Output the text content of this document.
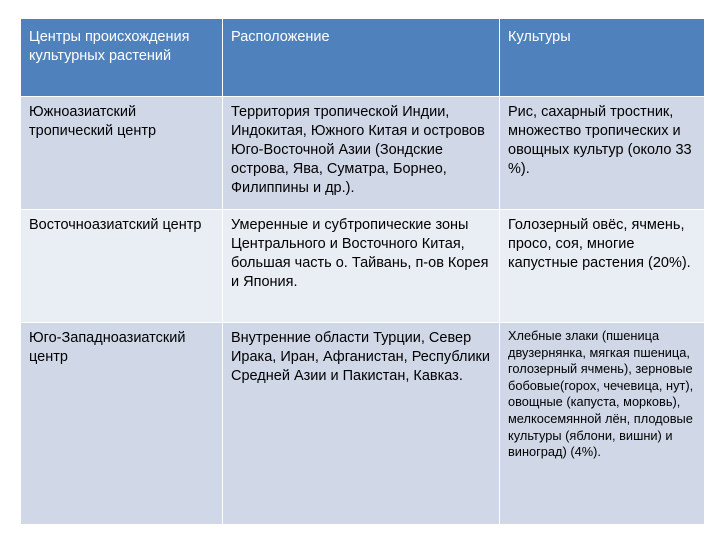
Центры происхождения культурных растений	Расположение	Культуры
Южноазиатский тропический центр	Территория тропической Индии, Индокитая, Южного Китая и островов Юго-Восточной Азии (Зондские острова, Ява, Суматра, Борнео, Филиппины и др.).	Рис, сахарный тростник, множество тропических и овощных культур (около 33 %).
Восточноазиатский центр	Умеренные и субтропические зоны Центрального и Восточного Китая, большая часть о. Тайвань, п-ов Корея и Япония.	Голозерный овёс, ячмень, просо, соя, многие капустные растения (20%).
Юго-Западноазиатский центр	Внутренние области Турции, Север Ирака, Иран, Афганистан, Республики Средней Азии и Пакистан, Кавказ.	Хлебные злаки (пшеница двузернянка, мягкая пшеница, голозерный ячмень), зерновые бобовые(горох, чечевица, нут), овощные (капуста, морковь), мелкосемянной лён, плодовые культуры (яблони, вишни) и виноград) (4%).
